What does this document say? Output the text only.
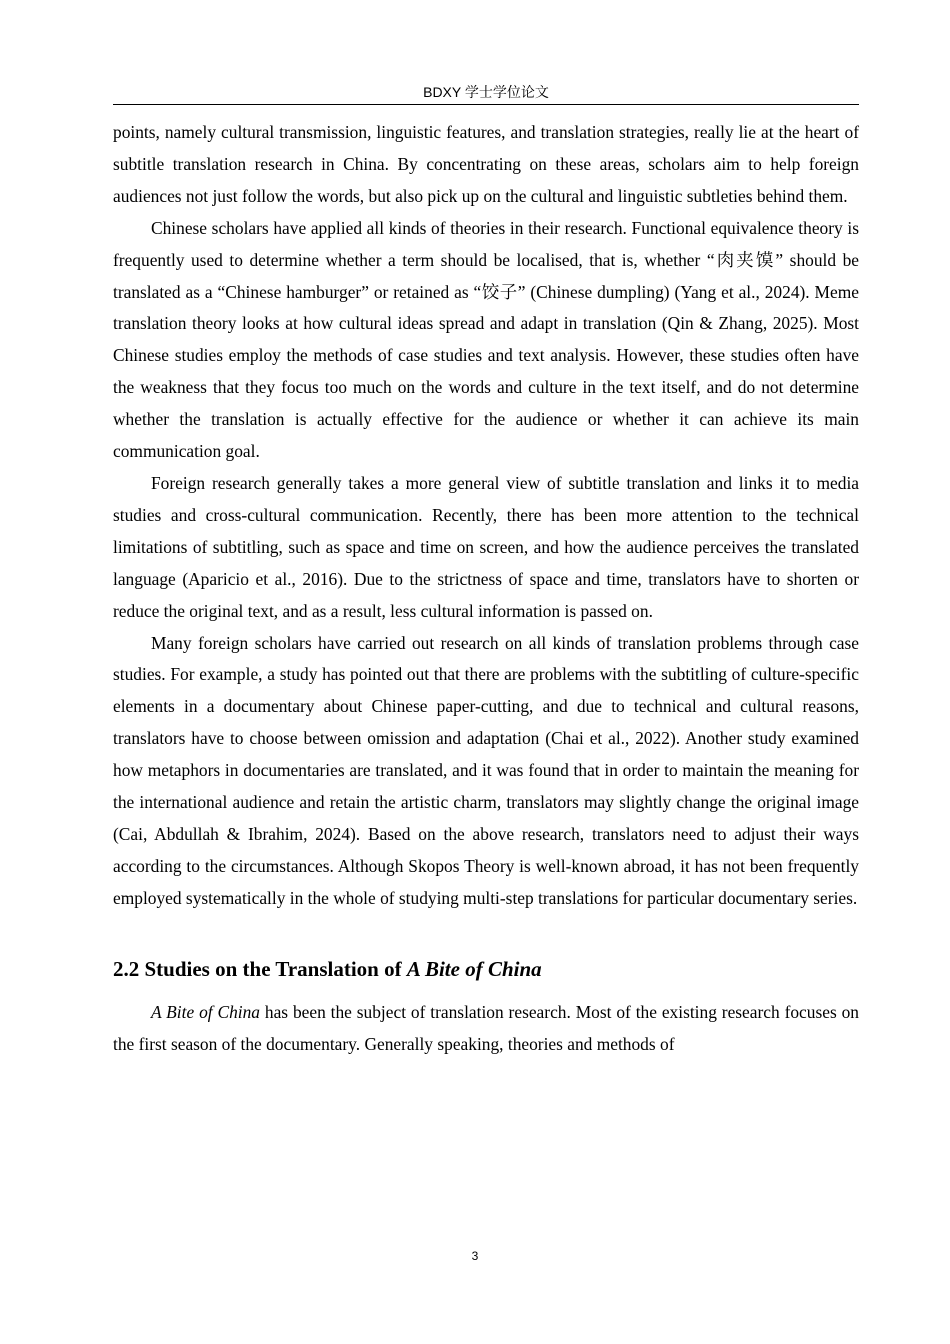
BDXY 学士学位论文

points, namely cultural transmission, linguistic features, and translation strategies, really lie at the heart of subtitle translation research in China. By concentrating on these areas, scholars aim to help foreign audiences not just follow the words, but also pick up on the cultural and linguistic subtleties behind them.

Chinese scholars have applied all kinds of theories in their research. Functional equivalence theory is frequently used to determine whether a term should be localised, that is, whether “肉夹馍” should be translated as a “Chinese hamburger” or retained as “饺子” (Chinese dumpling) (Yang et al., 2024). Meme translation theory looks at how cultural ideas spread and adapt in translation (Qin & Zhang, 2025). Most Chinese studies employ the methods of case studies and text analysis. However, these studies often have the weakness that they focus too much on the words and culture in the text itself, and do not determine whether the translation is actually effective for the audience or whether it can achieve its main communication goal.

Foreign research generally takes a more general view of subtitle translation and links it to media studies and cross-cultural communication. Recently, there has been more attention to the technical limitations of subtitling, such as space and time on screen, and how the audience perceives the translated language (Aparicio et al., 2016). Due to the strictness of space and time, translators have to shorten or reduce the original text, and as a result, less cultural information is passed on.

Many foreign scholars have carried out research on all kinds of translation problems through case studies. For example, a study has pointed out that there are problems with the subtitling of culture-specific elements in a documentary about Chinese paper-cutting, and due to technical and cultural reasons, translators have to choose between omission and adaptation (Chai et al., 2022). Another study examined how metaphors in documentaries are translated, and it was found that in order to maintain the meaning for the international audience and retain the artistic charm, translators may slightly change the original image (Cai, Abdullah & Ibrahim, 2024). Based on the above research, translators need to adjust their ways according to the circumstances. Although Skopos Theory is well-known abroad, it has not been frequently employed systematically in the whole of studying multi-step translations for particular documentary series.

2.2 Studies on the Translation of A Bite of China

A Bite of China has been the subject of translation research. Most of the existing research focuses on the first season of the documentary. Generally speaking, theories and methods of

3
